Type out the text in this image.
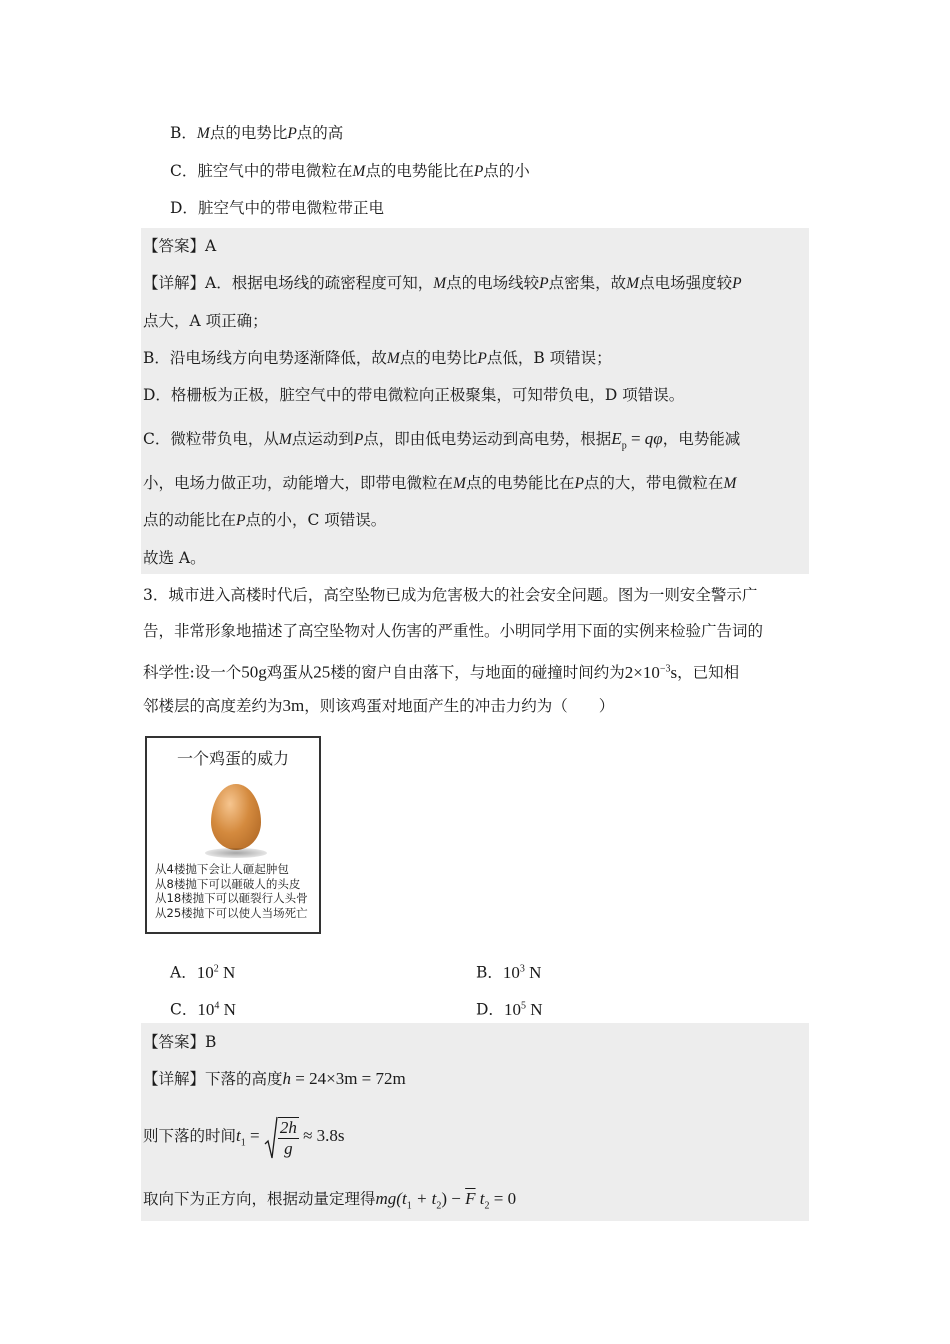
B．M点的电势比P点的高
C．脏空气中的带电微粒在M点的电势能比在P点的小
D．脏空气中的带电微粒带正电
【答案】A
【详解】A．根据电场线的疏密程度可知，M点的电场线较P点密集，故M点电场强度较P
点大，A 项正确；
B．沿电场线方向电势逐渐降低，故M点的电势比P点低，B 项错误；
D．格栅板为正极，脏空气中的带电微粒向正极聚集，可知带负电，D 项错误。
C．微粒带负电，从M点运动到P点，即由低电势运动到高电势，根据$E_p = q\varphi$，电势能减
小，电场力做正功，动能增大，即带电微粒在M点的电势能比在P点的大，带电微粒在M
点的动能比在P点的小，C 项错误。
故选 A。
3．城市进入高楼时代后，高空坠物已成为危害极大的社会安全问题。图为一则安全警示广
告，非常形象地描述了高空坠物对人伤害的严重性。小明同学用下面的实例来检验广告词的
科学性:设一个50g鸡蛋从25楼的窗户自由落下，与地面的碰撞时间约为$2\times 10^{-3}s$，已知相
邻楼层的高度差约为3m，则该鸡蛋对地面产生的冲击力约为（　　）
一个鸡蛋的威力
从4楼抛下会让人砸起肿包
从8楼抛下可以砸破人的头皮
从18楼抛下可以砸裂行人头骨
从25楼抛下可以使人当场死亡
A．$10^2$ N	B．$10^3$ N
C．$10^4$ N	D．$10^5$ N
【答案】B
【详解】下落的高度h = 24×3m = 72m
则下落的时间$t_1 = \frac{2h}{g} \approx 3.8s$
取向下为正方向，根据动量定理得$mg(t_1 + t_2) - \overline{F}$ $t_2 = 0$
